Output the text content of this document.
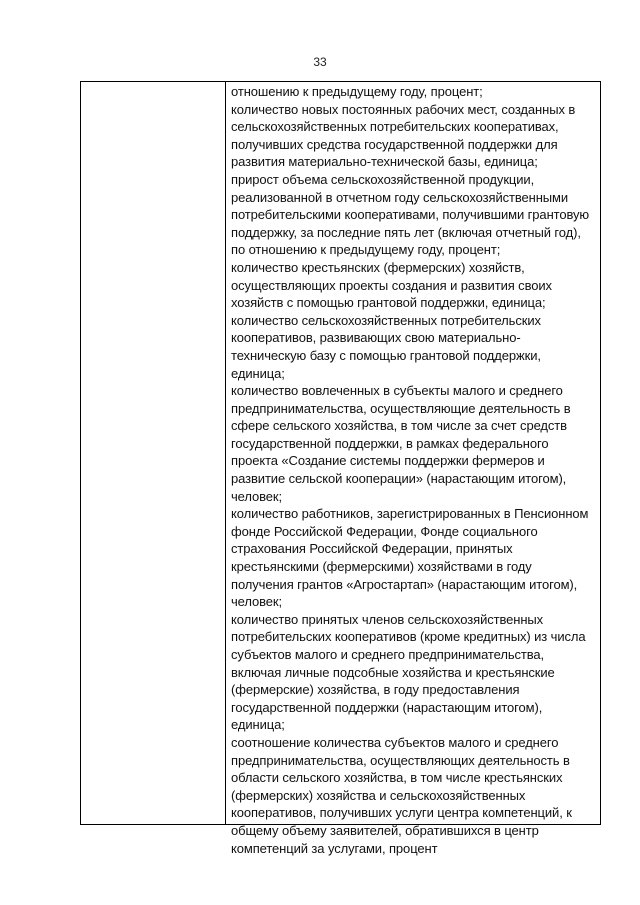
33

отношению к предыдущему году, процент;

количество новых постоянных рабочих мест, созданных в сельскохозяйственных потребительских кооперативах, получивших средства государственной поддержки для развития материально-технической базы, единица;

прирост объема сельскохозяйственной продукции, реализованной в отчетном году сельскохозяйственными потребительскими кооперативами, получившими грантовую поддержку, за последние пять лет (включая отчетный год), по отношению к предыдущему году, процент;

количество крестьянских (фермерских) хозяйств, осуществляющих проекты создания и развития своих хозяйств с помощью грантовой поддержки, единица;

количество сельскохозяйственных потребительских кооперативов, развивающих свою материально-техническую базу с помощью грантовой поддержки, единица;

количество вовлеченных в субъекты малого и среднего предпринимательства, осуществляющие деятельность в сфере сельского хозяйства, в том числе за счет средств государственной поддержки, в рамках федерального проекта «Создание системы поддержки фермеров и развитие сельской кооперации» (нарастающим итогом), человек;

количество работников, зарегистрированных в Пенсионном фонде Российской Федерации, Фонде социального страхования Российской Федерации, принятых крестьянскими (фермерскими) хозяйствами в году получения грантов «Агростартап» (нарастающим итогом), человек;

количество принятых членов сельскохозяйственных потребительских кооперативов (кроме кредитных) из числа субъектов малого и среднего предпринимательства, включая личные подсобные хозяйства и крестьянские (фермерские) хозяйства, в году предоставления государственной поддержки (нарастающим итогом), единица;

соотношение количества субъектов малого и среднего предпринимательства, осуществляющих деятельность в области сельского хозяйства, в том числе крестьянских (фермерских) хозяйства и сельскохозяйственных кооперативов, получивших услуги центра компетенций, к общему объему заявителей, обратившихся в центр компетенций за услугами, процент
